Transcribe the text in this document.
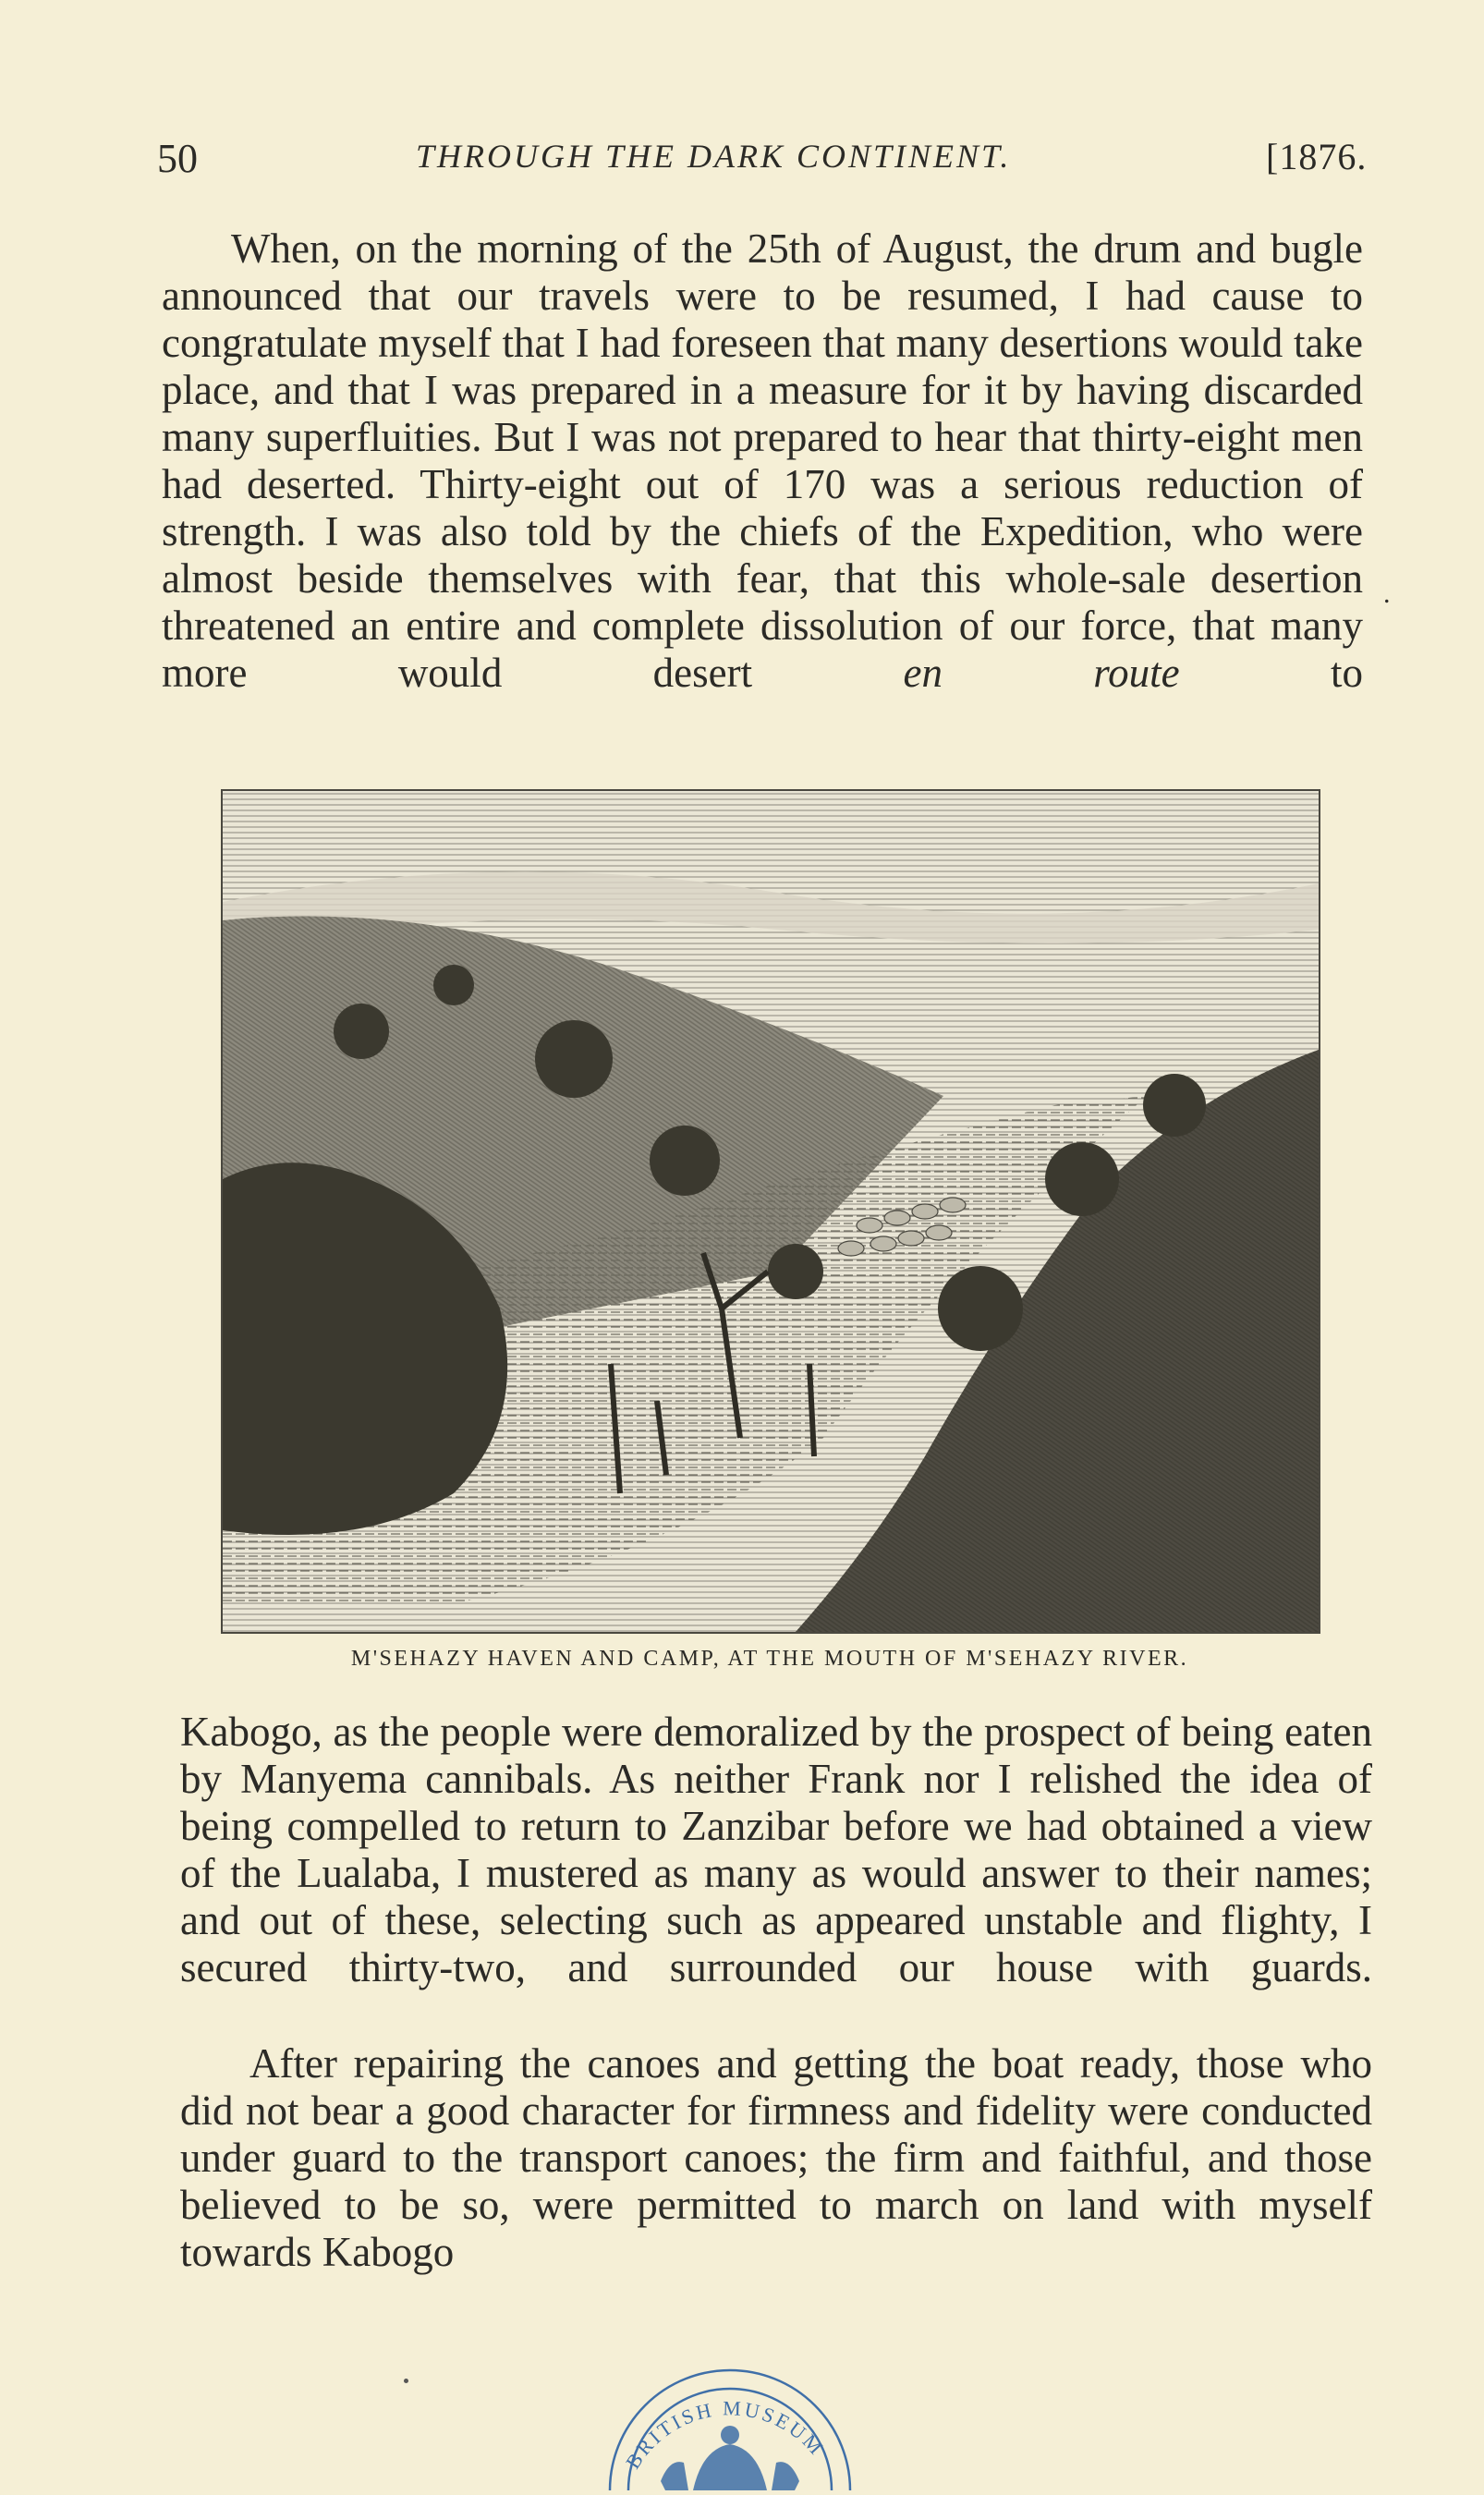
50	THROUGH THE DARK CONTINENT.	[1876.

When, on the morning of the 25th of August, the drum and bugle announced that our travels were to be resumed, I had cause to congratulate myself that I had foreseen that many desertions would take place, and that I was prepared in a measure for it by having discarded many superfluities. But I was not prepared to hear that thirty-eight men had deserted. Thirty-eight out of 170 was a serious reduction of strength. I was also told by the chiefs of the Expedition, who were almost beside themselves with fear, that this whole-sale desertion threatened an entire and complete dissolution of our force, that many more would desert	en route	to

.
M'SEHAZY HAVEN AND CAMP, AT THE MOUTH OF M'SEHAZY RIVER.

Kabogo, as the people were demoralized by the prospect of being eaten by Manyema cannibals. As neither Frank nor I relished the idea of being compelled to return to Zanzibar before we had obtained a view of the Lualaba, I mustered as many as would answer to their names; and out of these, selecting such as appeared unstable and flighty, I secured thirty-two, and surrounded our house with guards.

After repairing the canoes and getting the boat ready, those who did not bear a good character for firmness and fidelity were conducted under guard to the transport canoes; the firm and faithful, and those believed to be so, were permitted to march on land with myself towards Kabogo

BRITISH MUSEUM
